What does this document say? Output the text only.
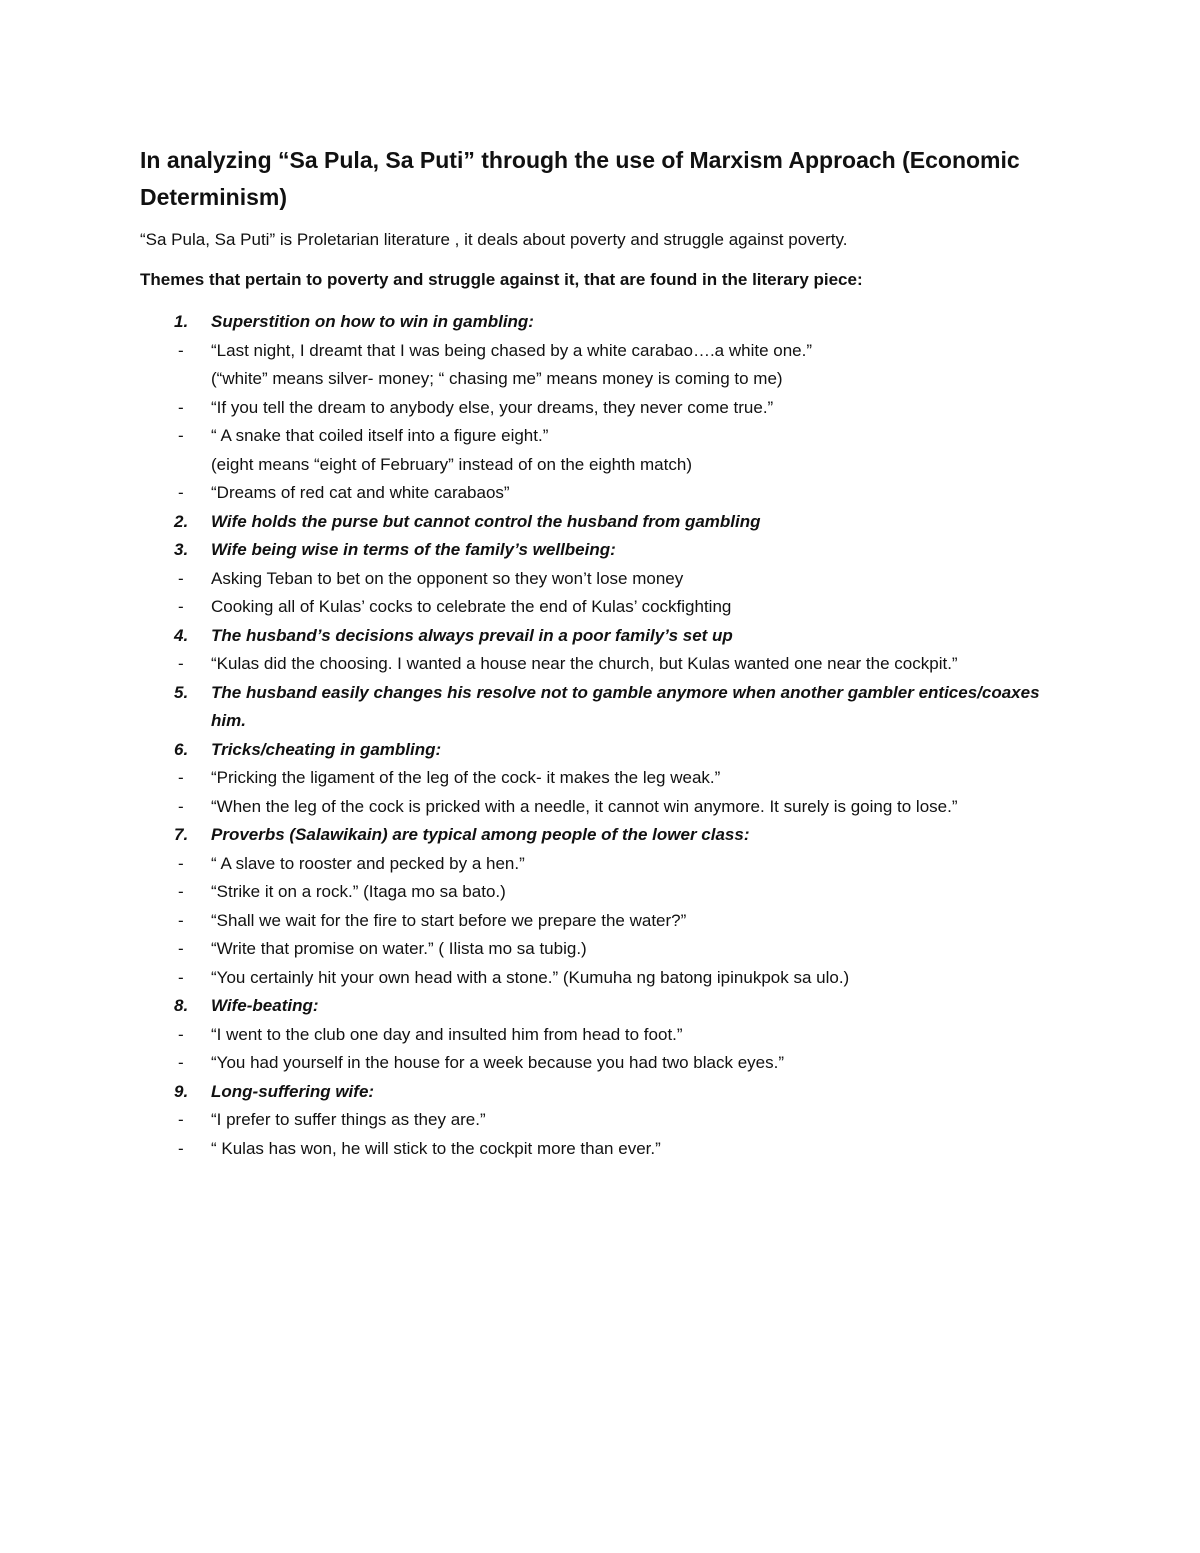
In analyzing “Sa Pula, Sa Puti” through the use of Marxism Approach (Economic Determinism)

“Sa Pula, Sa Puti” is Proletarian literature , it deals about poverty and struggle against poverty.

Themes that pertain to poverty and struggle against it, that are found in the literary piece:

1. Superstition on how to win in gambling:
- “Last night, I dreamt that I was being chased by a white carabao….a white one.”
(“white” means silver- money; “ chasing me” means money is coming to me)
- “If you tell the dream to anybody else, your dreams, they never come true.”
- “ A snake that coiled itself into a figure eight.”
(eight means “eight of February” instead of on the eighth match)
- “Dreams of red cat and white carabaos”
2. Wife holds the purse but cannot control the husband from gambling
3. Wife being wise in terms of the family’s wellbeing:
- Asking Teban to bet on the opponent so they won’t lose money
- Cooking all of Kulas’ cocks to celebrate the end of Kulas’ cockfighting
4. The husband’s decisions always prevail in a poor family’s set up
- “Kulas did the choosing. I wanted a house near the church, but Kulas wanted one near the cockpit.”
5. The husband easily changes his resolve not to gamble anymore when another gambler entices/coaxes him.
6. Tricks/cheating in gambling:
- “Pricking the ligament of the leg of the cock- it makes the leg weak.”
- “When the leg of the cock is pricked with a needle, it cannot win anymore. It surely is going to lose.”
7. Proverbs (Salawikain) are typical among people of the lower class:
- “ A slave to rooster and pecked by a hen.”
- “Strike it on a rock.” (Itaga mo sa bato.)
- “Shall we wait for the fire to start before we prepare the water?”
- “Write that promise on water.” ( Ilista mo sa tubig.)
- “You certainly hit your own head with a stone.” (Kumuha ng batong ipinukpok sa ulo.)
8. Wife-beating:
- “I went to the club one day and insulted him from head to foot.”
- “You had yourself in the house for a week because you had two black eyes.”
9. Long-suffering wife:
- “I prefer to suffer things as they are.”
- “ Kulas has won, he will stick to the cockpit more than ever.”
